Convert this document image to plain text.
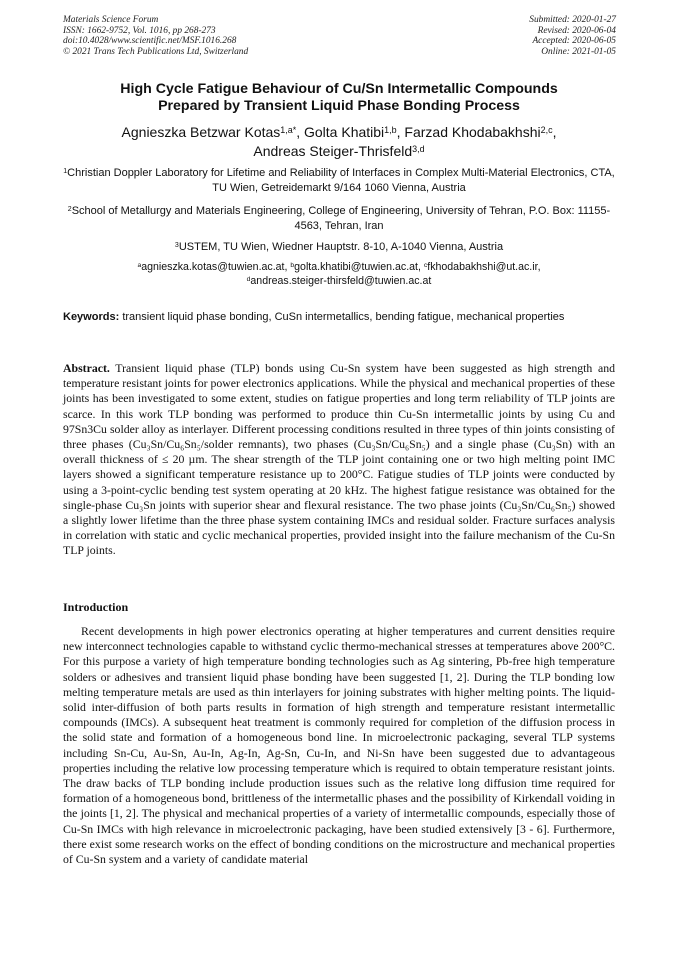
Materials Science Forum
ISSN: 1662-9752, Vol. 1016, pp 268-273
doi:10.4028/www.scientific.net/MSF.1016.268
© 2021 Trans Tech Publications Ltd, Switzerland
Submitted: 2020-01-27
Revised: 2020-06-04
Accepted: 2020-06-05
Online: 2021-01-05
High Cycle Fatigue Behaviour of Cu/Sn Intermetallic Compounds
Prepared by Transient Liquid Phase Bonding Process
Agnieszka Betzwar Kotas$^{1,a*}$, Golta Khatibi$^{1,b}$, Farzad Khodabakhshi$^{2,c}$,
Andreas Steiger-Thrisfeld$^{3,d}$
$^1$Christian Doppler Laboratory for Lifetime and Reliability of Interfaces in Complex Multi-Material Electronics, CTA, TU Wien, Getreidemarkt 9/164 1060 Vienna, Austria
$^2$School of Metallurgy and Materials Engineering, College of Engineering, University of Tehran, P.O. Box: 11155-4563, Tehran, Iran
$^3$USTEM, TU Wien, Wiedner Hauptstr. 8-10, A-1040 Vienna, Austria
$^a$agnieszka.kotas@tuwien.ac.at, $^b$golta.khatibi@tuwien.ac.at, $^c$fkhodabakhshi@ut.ac.ir,
$^d$andreas.steiger-thirsfeld@tuwien.ac.at
Keywords: transient liquid phase bonding, CuSn intermetallics, bending fatigue, mechanical properties
Abstract. Transient liquid phase (TLP) bonds using Cu-Sn system have been suggested as high strength and temperature resistant joints for power electronics applications. While the physical and mechanical properties of these joints has been investigated to some extent, studies on fatigue properties and long term reliability of TLP joints are scarce. In this work TLP bonding was performed to produce thin Cu-Sn intermetallic joints by using Cu and 97Sn3Cu solder alloy as interlayer. Different processing conditions resulted in three types of thin joints consisting of three phases (Cu₃Sn/Cu₆Sn₅/solder remnants), two phases (Cu₃Sn/Cu₆Sn₅) and a single phase (Cu₃Sn) with an overall thickness of ≤ 20 µm. The shear strength of the TLP joint containing one or two high melting point IMC layers showed a significant temperature resistance up to 200°C. Fatigue studies of TLP joints were conducted by using a 3-point-cyclic bending test system operating at 20 kHz. The highest fatigue resistance was obtained for the single-phase Cu₃Sn joints with superior shear and flexural resistance. The two phase joints (Cu₃Sn/Cu₆Sn₅) showed a slightly lower lifetime than the three phase system containing IMCs and residual solder. Fracture surfaces analysis in correlation with static and cyclic mechanical properties, provided insight into the failure mechanism of the Cu-Sn TLP joints.
Introduction
Recent developments in high power electronics operating at higher temperatures and current densities require new interconnect technologies capable to withstand cyclic thermo-mechanical stresses at temperatures above 200°C. For this purpose a variety of high temperature bonding technologies such as Ag sintering, Pb-free high temperature solders or adhesives and transient liquid phase bonding have been suggested [1, 2]. During the TLP bonding low melting temperature metals are used as thin interlayers for joining substrates with higher melting points. The liquid-solid inter-diffusion of both parts results in formation of high strength and temperature resistant intermetallic compounds (IMCs). A subsequent heat treatment is commonly required for completion of the diffusion process in the solid state and formation of a homogeneous bond line. In microelectronic packaging, several TLP systems including Sn-Cu, Au-Sn, Au-In, Ag-In, Ag-Sn, Cu-In, and Ni-Sn have been suggested due to advantageous properties including the relative low processing temperature which is required to obtain temperature resistant joints. The draw backs of TLP bonding include production issues such as the relative long diffusion time required for formation of a homogeneous bond, brittleness of the intermetallic phases and the possibility of Kirkendall voiding in the joints [1, 2]. The physical and mechanical properties of a variety of intermetallic compounds, especially those of Cu-Sn IMCs with high relevance in microelectronic packaging, have been studied extensively [3 - 6]. Furthermore, there exist some research works on the effect of bonding conditions on the microstructure and mechanical properties of Cu-Sn system and a variety of candidate material
